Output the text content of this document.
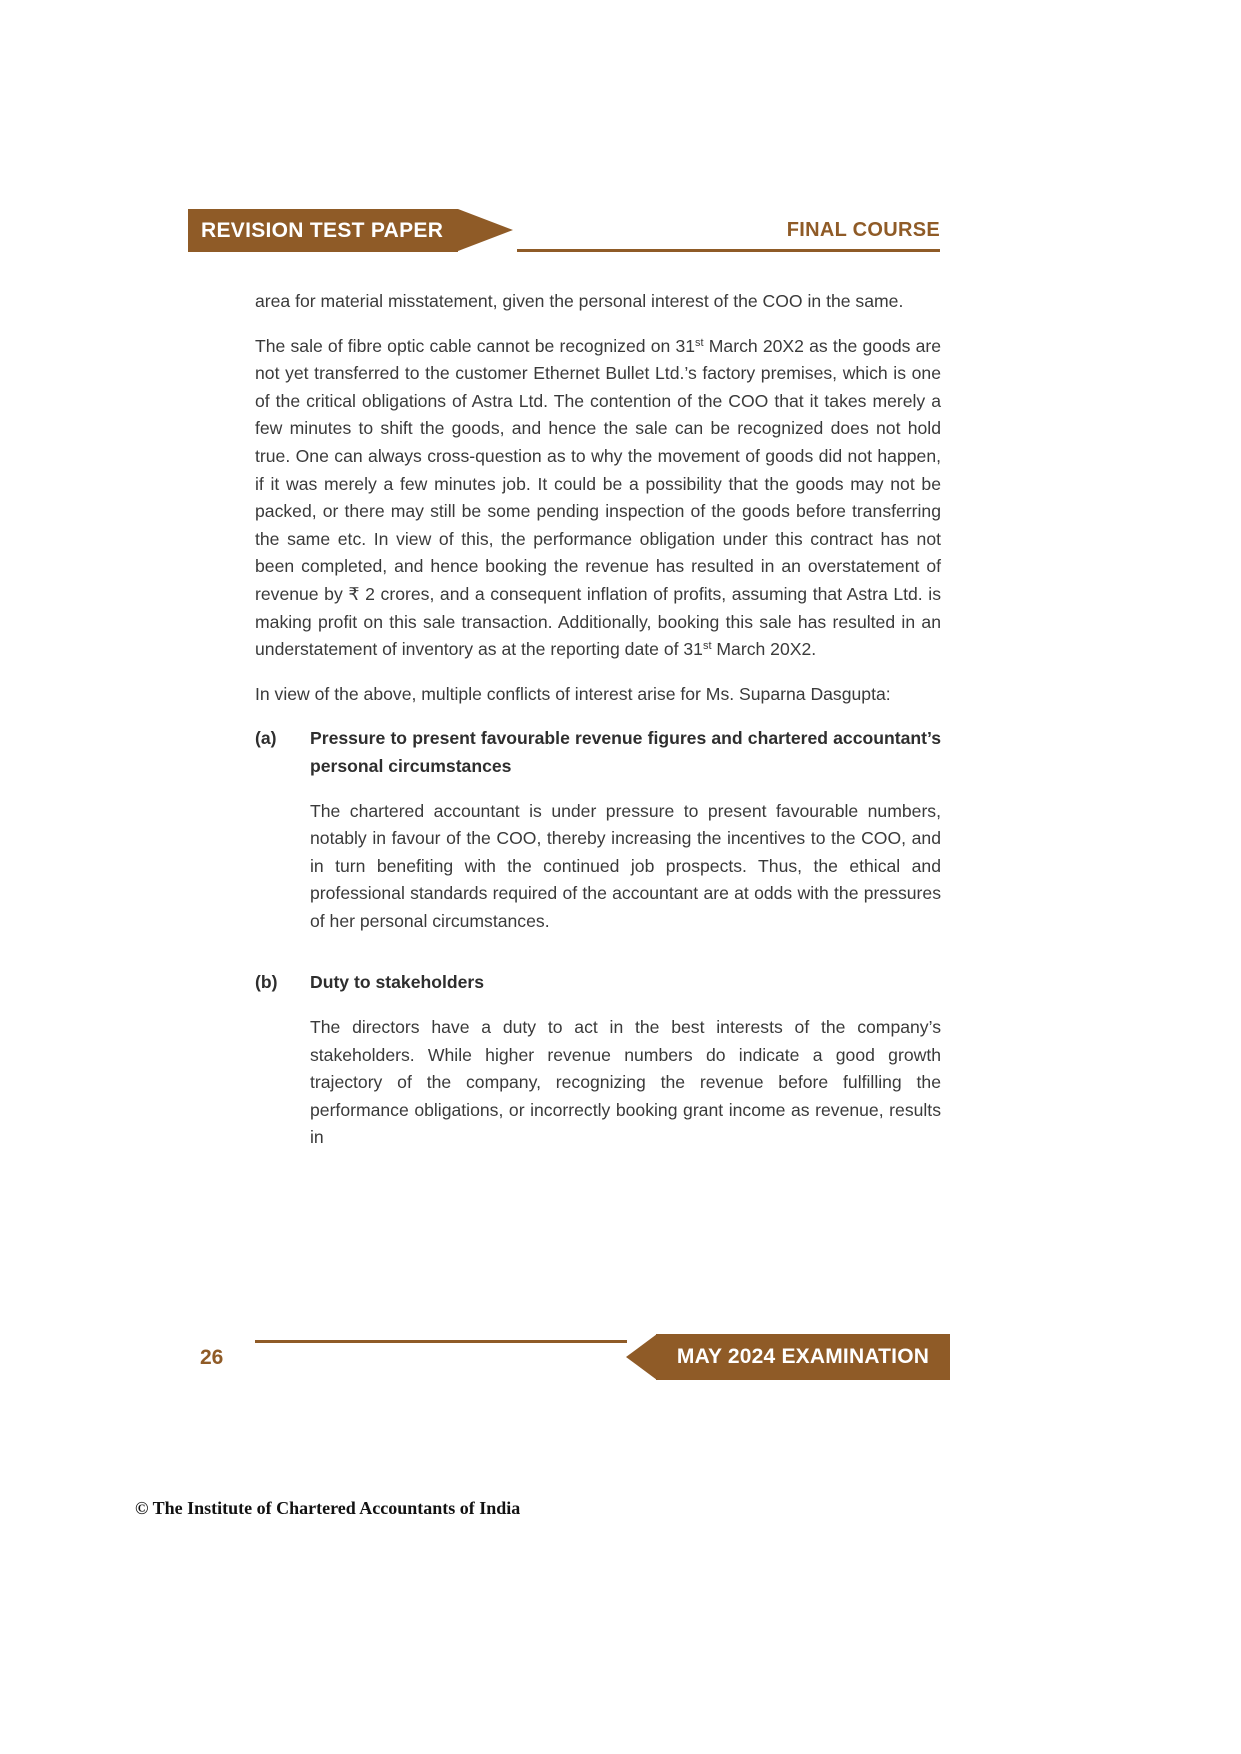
REVISION TEST PAPER	FINAL COURSE

area for material misstatement, given the personal interest of the COO in the same.

The sale of fibre optic cable cannot be recognized on 31st March 20X2 as the goods are not yet transferred to the customer Ethernet Bullet Ltd.’s factory premises, which is one of the critical obligations of Astra Ltd. The contention of the COO that it takes merely a few minutes to shift the goods, and hence the sale can be recognized does not hold true. One can always cross-question as to why the movement of goods did not happen, if it was merely a few minutes job. It could be a possibility that the goods may not be packed, or there may still be some pending inspection of the goods before transferring the same etc. In view of this, the performance obligation under this contract has not been completed, and hence booking the revenue has resulted in an overstatement of revenue by ₹ 2 crores, and a consequent inflation of profits, assuming that Astra Ltd. is making profit on this sale transaction. Additionally, booking this sale has resulted in an understatement of inventory as at the reporting date of 31st March 20X2.

In view of the above, multiple conflicts of interest arise for Ms. Suparna Dasgupta:

(a)	Pressure to present favourable revenue figures and chartered accountant’s personal circumstances

The chartered accountant is under pressure to present favourable numbers, notably in favour of the COO, thereby increasing the incentives to the COO, and in turn benefiting with the continued job prospects. Thus, the ethical and professional standards required of the accountant are at odds with the pressures of her personal circumstances.

(b)	Duty to stakeholders

The directors have a duty to act in the best interests of the company’s stakeholders. While higher revenue numbers do indicate a good growth trajectory of the company, recognizing the revenue before fulfilling the performance obligations, or incorrectly booking grant income as revenue, results in

26	MAY 2024 EXAMINATION
© The Institute of Chartered Accountants of India
